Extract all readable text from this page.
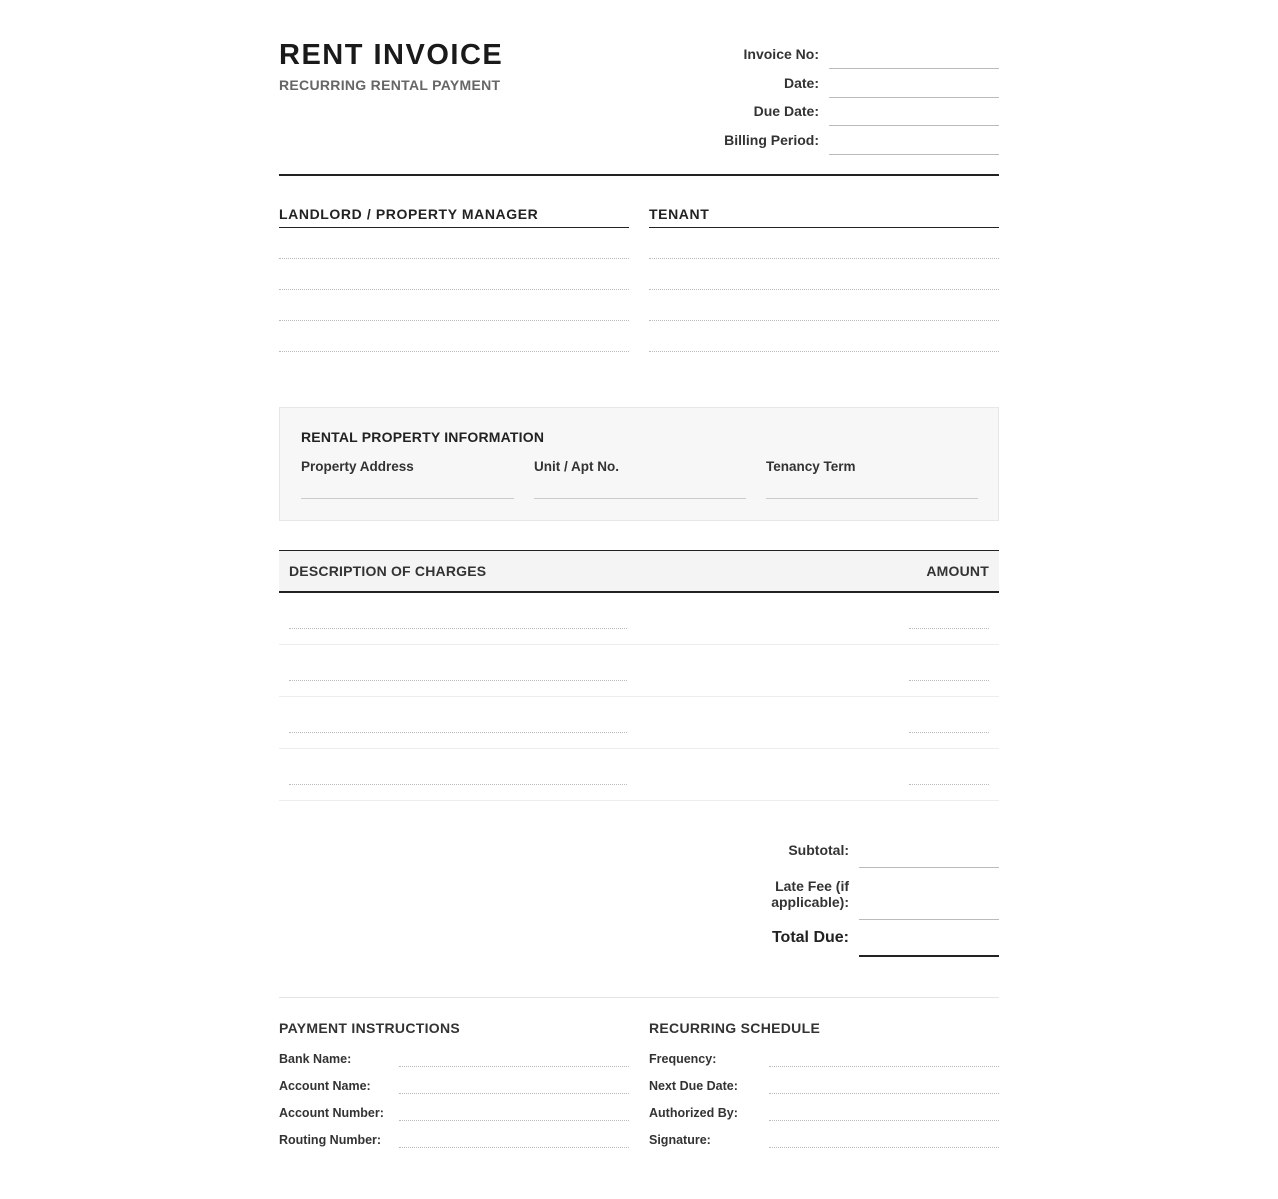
RENT INVOICE
RECURRING RENTAL PAYMENT
Invoice No:
Date:
Due Date:
Billing Period:
LANDLORD / PROPERTY MANAGER	TENANT
RENTAL PROPERTY INFORMATION
Property Address	Unit / Apt No.	Tenancy Term
DESCRIPTION OF CHARGES	AMOUNT
Subtotal:
Late Fee (if applicable):
Total Due:
PAYMENT INSTRUCTIONS
Bank Name:
Account Name:
Account Number:
Routing Number:
RECURRING SCHEDULE
Frequency:
Next Due Date:
Authorized By:
Signature:
